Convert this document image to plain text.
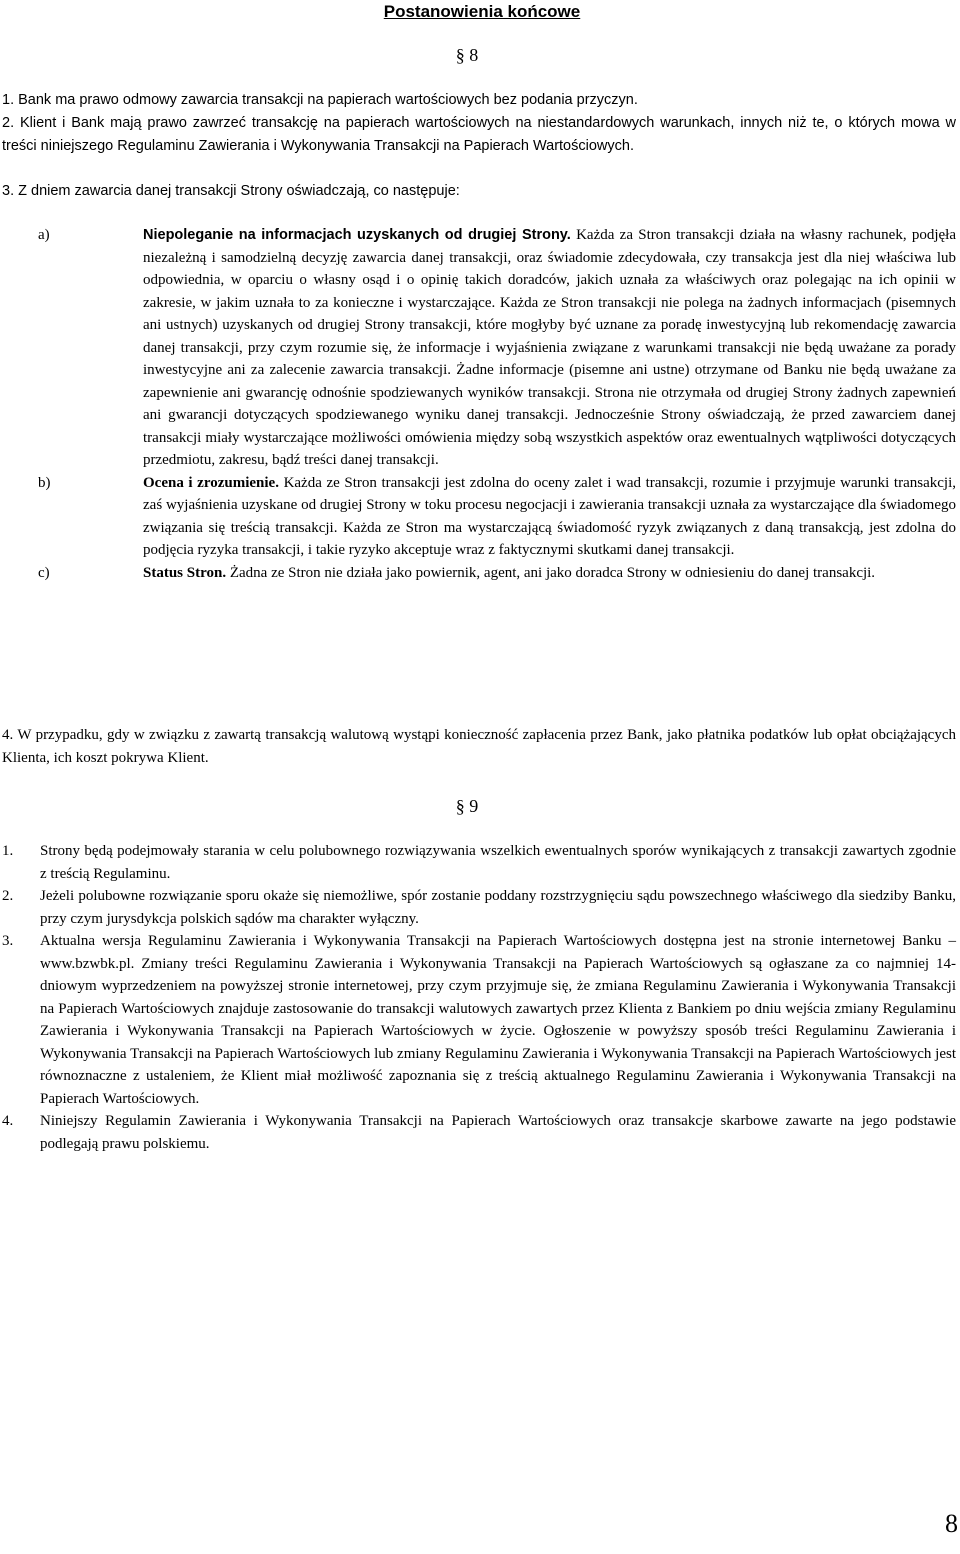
Postanowienia końcowe
§ 8
1. Bank ma prawo odmowy zawarcia transakcji na papierach wartościowych bez podania przyczyn.
2. Klient i Bank mają prawo zawrzeć transakcję na papierach wartościowych na niestandardowych warunkach, innych niż te, o których mowa w treści niniejszego Regulaminu Zawierania i Wykonywania Transakcji na Papierach Wartościowych.
3. Z dniem zawarcia danej transakcji Strony oświadczają, co następuje:
a)	Niepoleganie na informacjach uzyskanych od drugiej Strony. Każda za Stron transakcji działa na własny rachunek, podjęła niezależną i samodzielną decyzję zawarcia danej transakcji, oraz świadomie zdecydowała, czy transakcja jest dla niej właściwa lub odpowiednia, w oparciu o własny osąd i o opinię takich doradców, jakich uznała za właściwych oraz polegając na ich opinii w zakresie, w jakim uznała to za konieczne i wystarczające. Każda ze Stron transakcji nie polega na żadnych informacjach (pisemnych ani ustnych) uzyskanych od drugiej Strony transakcji, które mogłyby być uznane za poradę inwestycyjną lub rekomendację zawarcia danej transakcji, przy czym rozumie się, że informacje i wyjaśnienia związane z warunkami transakcji nie będą uważane za porady inwestycyjne ani za zalecenie zawarcia transakcji. Żadne informacje (pisemne ani ustne) otrzymane od Banku nie będą uważane za zapewnienie ani gwarancję odnośnie spodziewanych wyników transakcji. Strona nie otrzymała od drugiej Strony żadnych zapewnień ani gwarancji dotyczących spodziewanego wyniku danej transakcji. Jednocześnie Strony oświadczają, że przed zawarciem danej transakcji miały wystarczające możliwości omówienia między sobą wszystkich aspektów oraz ewentualnych wątpliwości dotyczących przedmiotu, zakresu, bądź treści danej transakcji.
b)	Ocena i zrozumienie. Każda ze Stron transakcji jest zdolna do oceny zalet i wad transakcji, rozumie i przyjmuje warunki transakcji, zaś wyjaśnienia uzyskane od drugiej Strony w toku procesu negocjacji i zawierania transakcji uznała za wystarczające dla świadomego związania się treścią transakcji. Każda ze Stron ma wystarczającą świadomość ryzyk związanych z daną transakcją, jest zdolna do podjęcia ryzyka transakcji, i takie ryzyko akceptuje wraz z faktycznymi skutkami danej transakcji.
c)	Status Stron. Żadna ze Stron nie działa jako powiernik, agent, ani jako doradca Strony w odniesieniu do danej transakcji.
4. W przypadku, gdy w związku z zawartą transakcją walutową wystąpi konieczność zapłacenia przez Bank, jako płatnika podatków lub opłat obciążających Klienta, ich koszt pokrywa Klient.
§ 9
1. Strony będą podejmowały starania w celu polubownego rozwiązywania wszelkich ewentualnych sporów wynikających z transakcji zawartych zgodnie z treścią Regulaminu.
2. Jeżeli polubowne rozwiązanie sporu okaże się niemożliwe, spór zostanie poddany rozstrzygnięciu sądu powszechnego właściwego dla siedziby Banku, przy czym jurysdykcja polskich sądów ma charakter wyłączny.
3. Aktualna wersja Regulaminu Zawierania i Wykonywania Transakcji na Papierach Wartościowych dostępna jest na stronie internetowej Banku –www.bzwbk.pl. Zmiany treści Regulaminu Zawierania i Wykonywania Transakcji na Papierach Wartościowych są ogłaszane za co najmniej 14-dniowym wyprzedzeniem na powyższej stronie internetowej, przy czym przyjmuje się, że zmiana Regulaminu Zawierania i Wykonywania Transakcji na Papierach Wartościowych znajduje zastosowanie do transakcji walutowych zawartych przez Klienta z Bankiem po dniu wejścia zmiany Regulaminu Zawierania i Wykonywania Transakcji na Papierach Wartościowych w życie. Ogłoszenie w powyższy sposób treści Regulaminu Zawierania i Wykonywania Transakcji na Papierach Wartościowych lub zmiany Regulaminu Zawierania i Wykonywania Transakcji na Papierach Wartościowych jest równoznaczne z ustaleniem, że Klient miał możliwość zapoznania się z treścią aktualnego Regulaminu Zawierania i Wykonywania Transakcji na Papierach Wartościowych.
4. Niniejszy Regulamin Zawierania i Wykonywania Transakcji na Papierach Wartościowych oraz transakcje skarbowe zawarte na jego podstawie podlegają prawu polskiemu.
8
